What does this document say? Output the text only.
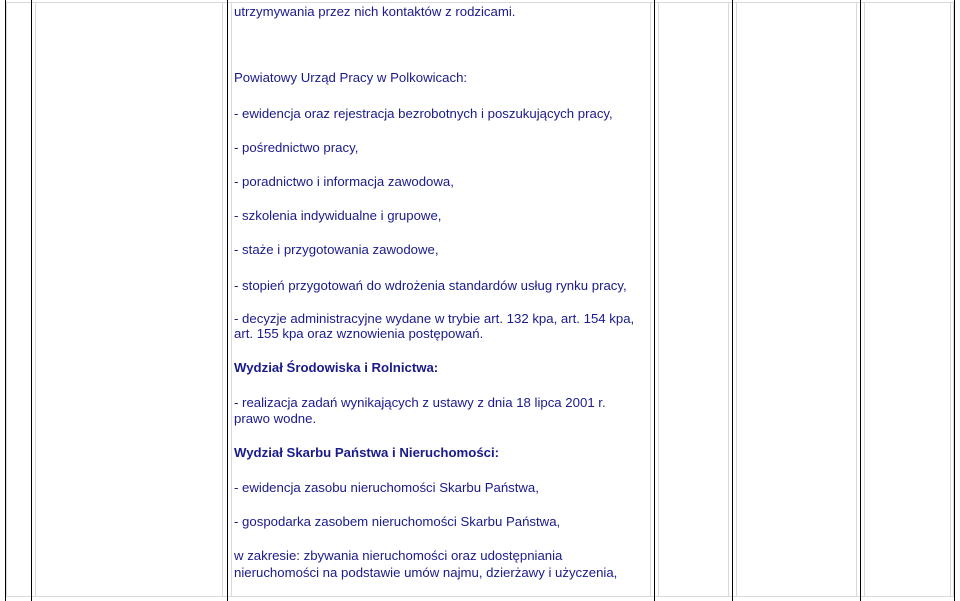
utrzymywania przez nich kontaktów z rodzicami.
Powiatowy Urząd Pracy w Polkowicach:
- ewidencja oraz rejestracja bezrobotnych i poszukujących pracy,
- pośrednictwo pracy,
- poradnictwo i informacja zawodowa,
- szkolenia indywidualne i grupowe,
- staże i przygotowania zawodowe,
- stopień przygotowań do wdrożenia standardów usług rynku pracy,
- decyzje administracyjne wydane w trybie art. 132 kpa, art. 154 kpa,
art. 155 kpa oraz wznowienia postępowań.
Wydział Środowiska i Rolnictwa:
- realizacja zadań wynikających z ustawy z dnia 18 lipca 2001 r.
prawo wodne.
Wydział Skarbu Państwa i Nieruchomości:
- ewidencja zasobu nieruchomości Skarbu Państwa,
- gospodarka zasobem nieruchomości Skarbu Państwa,
w zakresie: zbywania nieruchomości oraz udostępniania
nieruchomości na podstawie umów najmu, dzierżawy i użyczenia,
